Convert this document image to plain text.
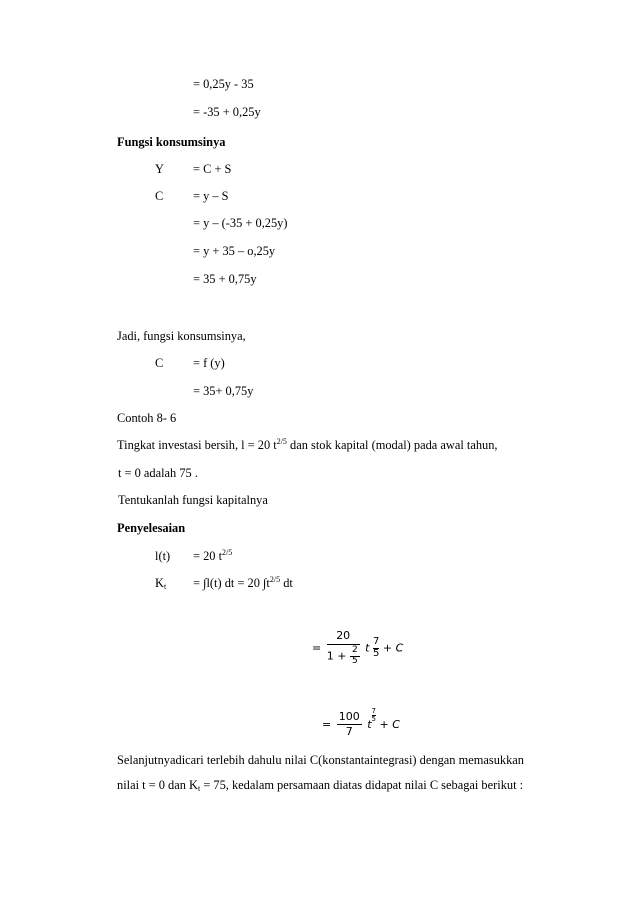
= 0,25y - 35
= -35 + 0,25y
Fungsi konsumsinya
Y = C + S
C = y – S
= y – (-35 + 0,25y)
= y + 35 – o,25y
= 35 + 0,75y
Jadi, fungsi konsumsinya,
C = f (y)
= 35+ 0,75y
Contoh 8- 6
Tingkat investasi bersih, l = 20 $t^{2/5}$ dan stok kapital (modal) pada awal tahun,
t = 0 adalah 75 .
Tentukanlah fungsi kapitalnya
Penyelesaian
l(t) = 20 $t^{2/5}$
$K_t = \int l(t)$ dt = 20 $\int t^{2/5}$ dt
= $\frac{20}{1 + \frac{2}{5}}$ t $\frac{7}{5} + C$
= $\frac{100}{7}$ t
$\frac{7}{5}$
+ C
Selanjutnyadicari terlebih dahulu nilai C(konstantaintegrasi) dengan memasukkan
nilai t = 0 dan $K_t = 75$, kedalam persamaan diatas didapat nilai C sebagai berikut :
